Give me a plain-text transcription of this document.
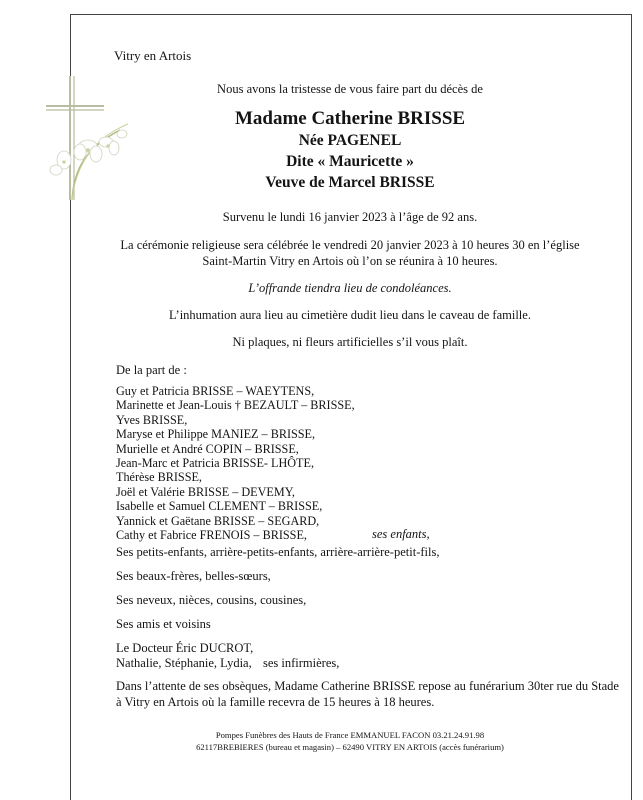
Vitry en Artois
Nous avons la tristesse de vous faire part du décès de
Madame Catherine BRISSE
Née PAGENEL
Dite « Mauricette »
Veuve de Marcel BRISSE
Survenu le lundi 16 janvier 2023 à l’âge de 92 ans.
La cérémonie religieuse sera célébrée le vendredi 20 janvier 2023 à 10 heures 30 en l’église
Saint-Martin Vitry en Artois où l’on se réunira à 10 heures.
L’offrande tiendra lieu de condoléances.
L’inhumation aura lieu au cimetière dudit lieu dans le caveau de famille.
Ni plaques, ni fleurs artificielles s’il vous plaît.
De la part de :
Guy et Patricia BRISSE – WAEYTENS,
Marinette et Jean-Louis † BEZAULT – BRISSE,
Yves BRISSE,
Maryse et Philippe MANIEZ – BRISSE,
Murielle et André COPIN – BRISSE,
Jean-Marc et Patricia BRISSE- LHÔTE,
Thérèse BRISSE,
Joël et Valérie BRISSE – DEVEMY,
Isabelle et Samuel CLEMENT – BRISSE,
Yannick et Gaëtane BRISSE – SEGARD,
Cathy et Fabrice FRENOIS – BRISSE,	ses enfants,
Ses petits-enfants, arrière-petits-enfants, arrière-arrière-petit-fils,
Ses beaux-frères, belles-sœurs,
Ses neveux, nièces, cousins, cousines,
Ses amis et voisins
Le Docteur Éric DUCROT,
Nathalie, Stéphanie, Lydia, ses infirmières,
Dans l’attente de ses obsèques, Madame Catherine BRISSE repose au funérarium 30ter rue du Stade
à Vitry en Artois où la famille recevra de 15 heures à 18 heures.
Pompes Funèbres des Hauts de France EMMANUEL FACON 03.21.24.91.98
62117BREBIERES (bureau et magasin) – 62490 VITRY EN ARTOIS (accès funérarium)
